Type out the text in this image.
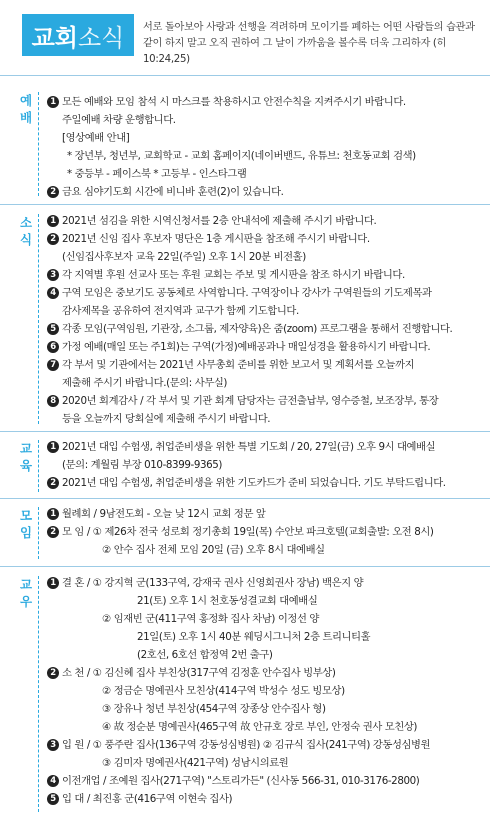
교회 소식 서로 돌아보아 사랑과 선행을 격려하며 모이기를 폐하는 어떤 사람들의 습관과
같이 하지 말고 오직 권하여 그 날이 가까움을 볼수록 더욱 그리하자 (히10:24,25)
예
배
1 모든 예배와 모임 참석 시 마스크를 착용하시고 안전수칙을 지켜주시기 바랍니다.
주일예배 차량 운행합니다.
[영상예배 안내]
* 장년부, 청년부, 교회학교 - 교회 홈페이지(네이버밴드, 유튜브: 천호동교회 검색)
* 중등부 - 페이스북 * 고등부 - 인스타그램
2 금요 심야기도회 시간에 비니바 훈련(2)이 있습니다.
소
식
1 2021년 섬김을 위한 시역신청서를 2층 안내석에 제출해 주시기 바랍니다.
2 2021년 신임 집사 후보자 명단은 1층 게시판을 참조해 주시기 바랍니다.
(신임집사후보자 교육 22일(주일) 오후 1시 20분 비전홀)
3 각 지역별 후원 선교사 또는 후원 교회는 주보 및 게시판을 참조 하시기 바랍니다.
4 구역 모임은 중보기도 공동체로 사역합니다. 구역장이나 강사가 구역원들의 기도제목과
감사제목을 공유하여 전지역과 교구가 함께 기도합니다.
5 각종 모임(구역임원, 기관장, 소그룹, 제자양육)은 줌(zoom) 프로그램을 통해서 진행합니다.
6 가정 예배(매일 또는 주1회)는 구역(가정)예배공과나 매일성경을 활용하시기 바랍니다.
7 각 부서 및 기관에서는 2021년 사무총회 준비를 위한 보고서 및 계획서를 오늘까지
제출해 주시기 바랍니다.(문의: 사무실)
8 2020년 회계감사 / 각 부서 및 기관 회계 담당자는 금전출납부, 영수증철, 보조장부, 통장
등을 오늘까지 당회실에 제출해 주시기 바랍니다.
교
육
1 2021년 대입 수험생, 취업준비생을 위한 특별 기도회 / 20, 27일(금) 오후 9시 대예배실
(문의: 계월림 부장 010-8399-9365)
2 2021년 대입 수험생, 취업준비생을 위한 기도카드가 준비 되었습니다. 기도 부탁드립니다.
모
임
1 월례회 / 9남전도회 - 오늘 낮 12시 교회 정문 앞
2 모 임 / ① 제26차 전국 성로회 정기총회 19일(목) 수안보 파크호텔(교회출발: 오전 8시)
② 안수 집사 전체 모임 20일 (금) 오후 8시 대예배실
교
우
1 결 혼 / ① 강지혁 군(133구역, 강재국 권사 신영희권사 장남) 백은지 양
21(토) 오후 1시 천호동성결교회 대예배실
② 임재빈 군(411구역 홍정화 집사 차남) 이정선 양
21일(토) 오후 1시 40분 웨딩시그니처 2층 트리니티홀
(2호선, 6호선 합정역 2번 출구)
2 소 천 / ① 김신혜 집사 부친상(317구역 김정훈 안수집사 빙부상)
② 정금순 명예권사 모친상(414구역 박성수 성도 빙모상)
③ 장유나 청년 부친상(454구역 장종상 안수집사 형)
④ 故 정순분 명예권사(465구역 故 안규호 장로 부인, 안정숙 권사 모친상)
3 입 원 / ① 풍주란 집사(136구역 강동성심병원) ② 김규식 집사(241구역) 강동성심병원
③ 김미자 명예권사(421구역) 성남시의료원
4 이전개업 / 조예원 집사(271구역) "스토리가든" (신사동 566-31, 010-3176-2800)
5 입 대 / 최진홍 군(416구역 이현숙 집사)
